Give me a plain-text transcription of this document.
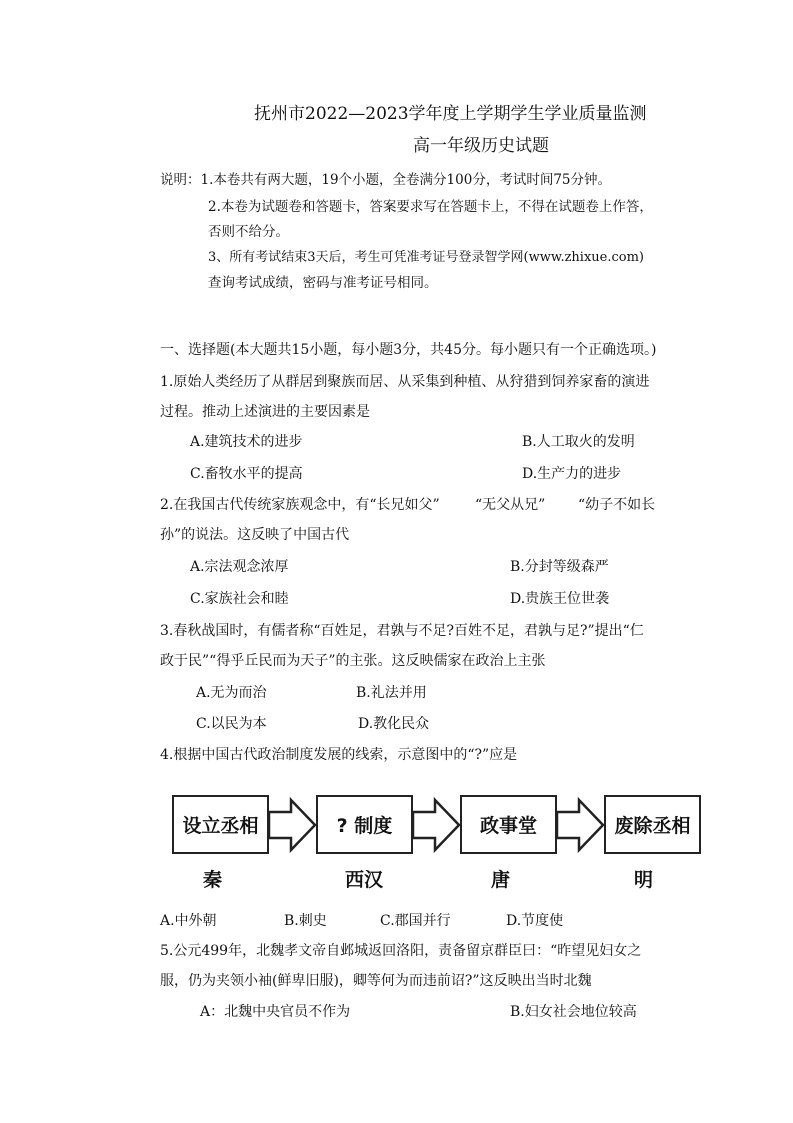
抚州市2022—2023学年度上学期学生学业质量监测
高一年级历史试题
说明：1.本卷共有两大题，19个小题，全卷满分100分，考试时间75分钟。
2.本卷为试题卷和答题卡，答案要求写在答题卡上，不得在试题卷上作答，
否则不给分。
3、所有考试结束3天后，考生可凭准考证号登录智学网(www.zhixue.com)
查询考试成绩，密码与准考证号相同。
一、选择题(本大题共15小题，每小题3分，共45分。每小题只有一个正确选项。)
1.原始人类经历了从群居到聚族而居、从采集到种植、从狩猎到饲养家畜的演进
过程。推动上述演进的主要因素是
A.建筑技术的进步	B.人工取火的发明
C.畜牧水平的提高	D.生产力的进步
2.在我国古代传统家族观念中，有“长兄如父”	“无父从兄” “幼子不如长
孙”的说法。这反映了中国古代
A.宗法观念浓厚	B.分封等级森严
C.家族社会和睦	D.贵族王位世袭
3.春秋战国时，有儒者称“百姓足，君孰与不足?百姓不足，君孰与足?”提出“仁
政于民”“得乎丘民而为天子”的主张。这反映儒家在政治上主张
A.无为而治	B.礼法并用
C.以民为本	D.教化民众
4.根据中国古代政治制度发展的线索，示意图中的“?”应是
设立丞相	? 制度	政事堂	废除丞相
秦	西汉	唐	明
A.中外朝	B.刺史	C.郡国并行	D.节度使
5.公元499年，北魏孝文帝自邺城返回洛阳，责备留京群臣曰：“昨望见妇女之
服，仍为夹领小袖(鲜卑旧服)，卿等何为而违前诏?”这反映出当时北魏
A：北魏中央官员不作为	B.妇女社会地位较高
